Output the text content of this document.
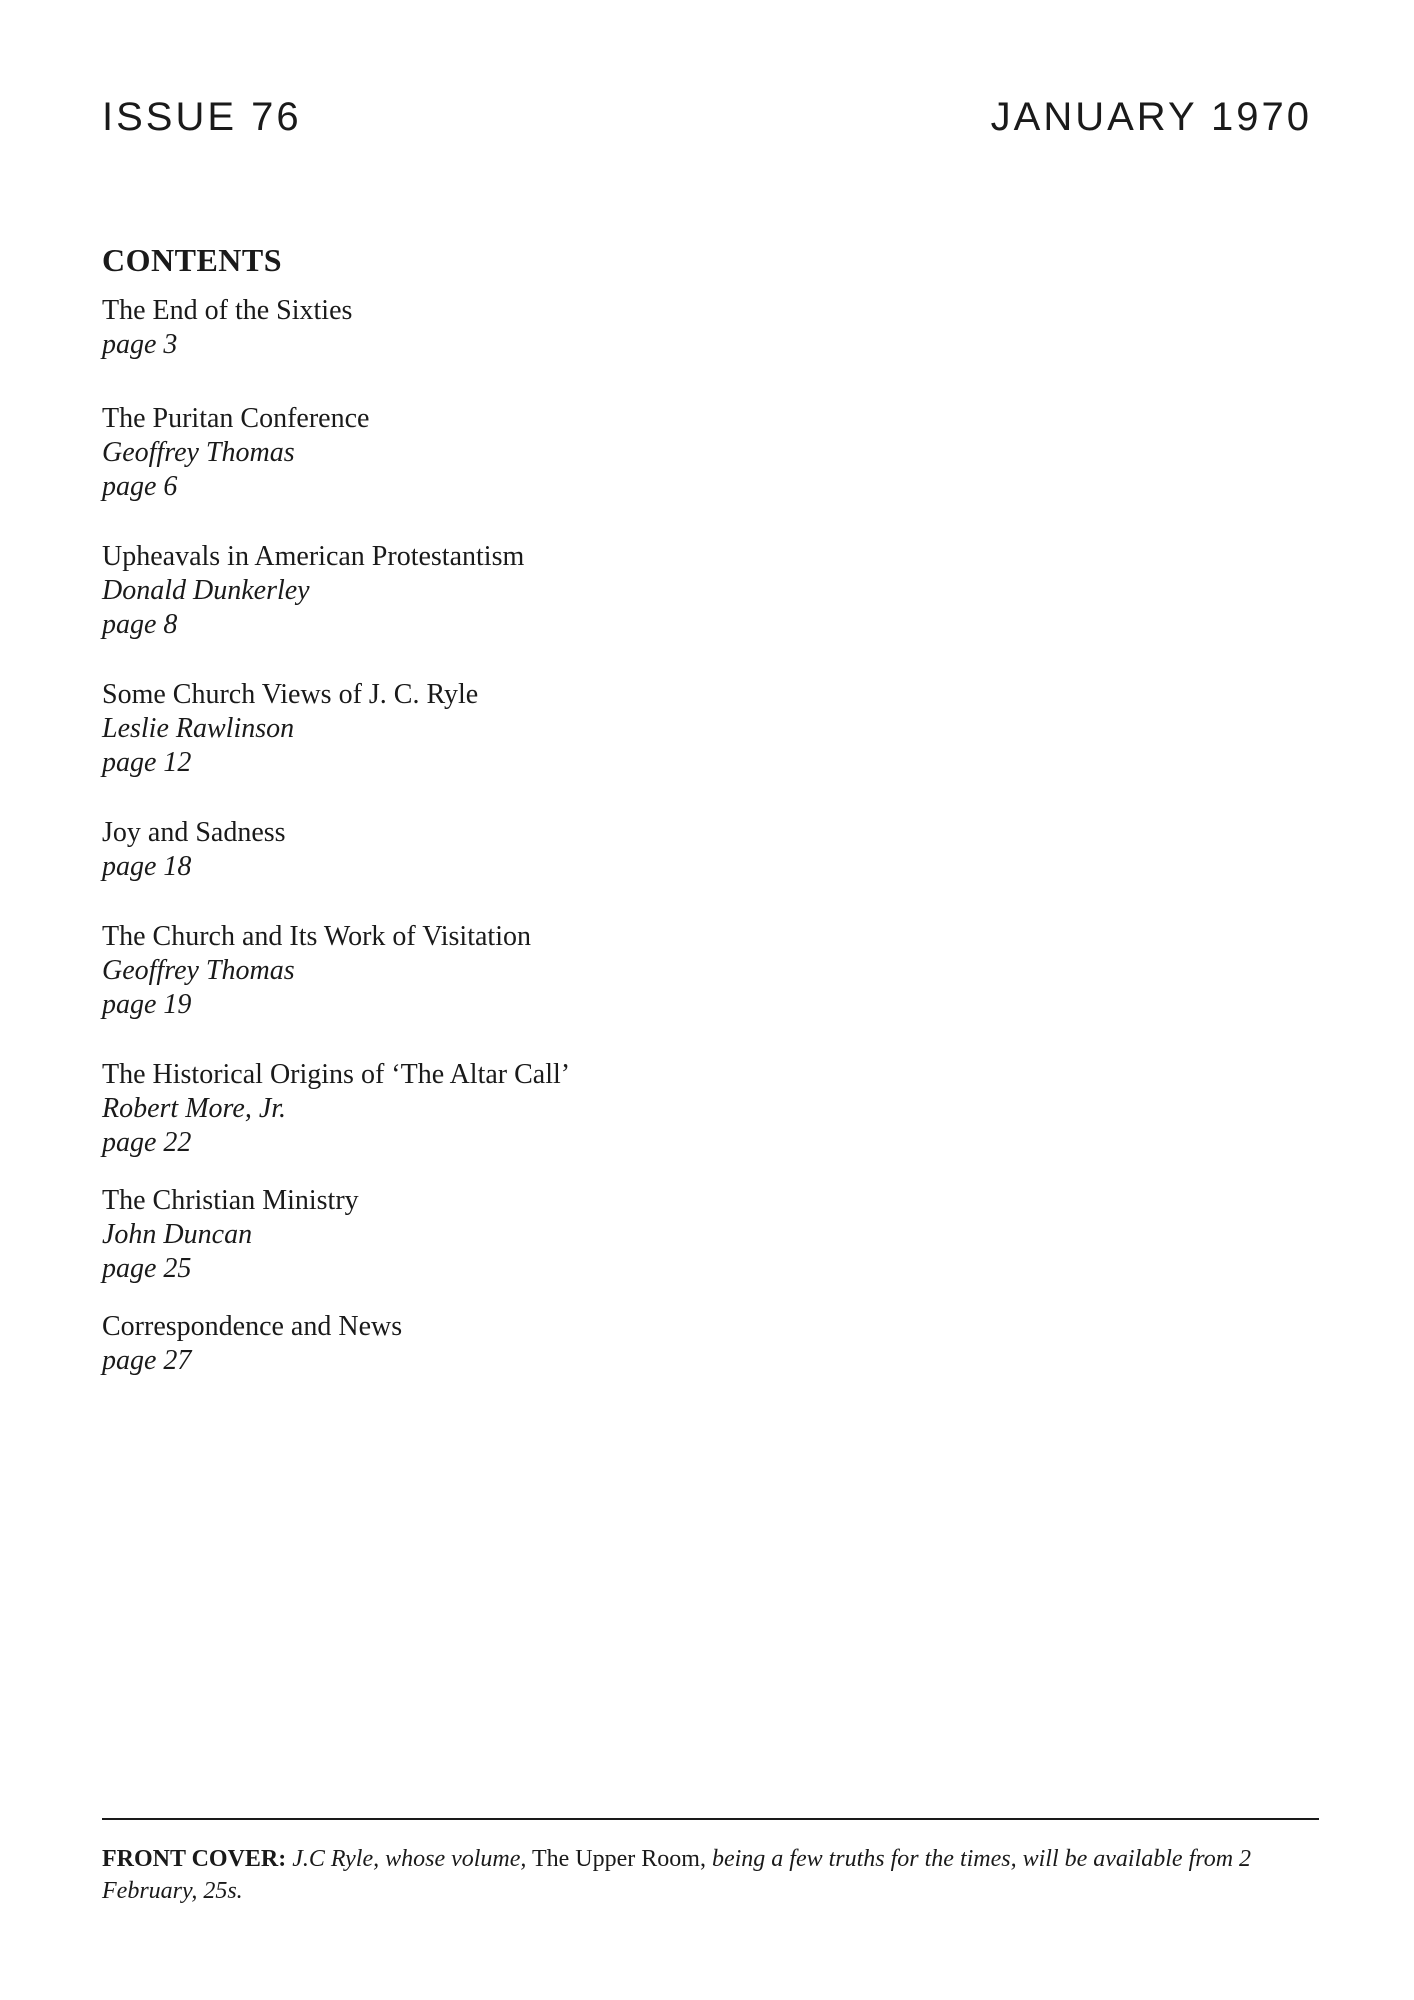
ISSUE 76	JANUARY 1970
CONTENTS
The End of the Sixties
page 3
The Puritan Conference
Geoffrey Thomas
page 6
Upheavals in American Protestantism
Donald Dunkerley
page 8
Some Church Views of J. C. Ryle
Leslie Rawlinson
page 12
Joy and Sadness
page 18
The Church and Its Work of Visitation
Geoffrey Thomas
page 19
The Historical Origins of ‘The Altar Call’
Robert More, Jr.
page 22
The Christian Ministry
John Duncan
page 25
Correspondence and News
page 27
FRONT COVER: J.C Ryle, whose volume, The Upper Room, being a few truths for the times, will be available from 2 February, 25s.
